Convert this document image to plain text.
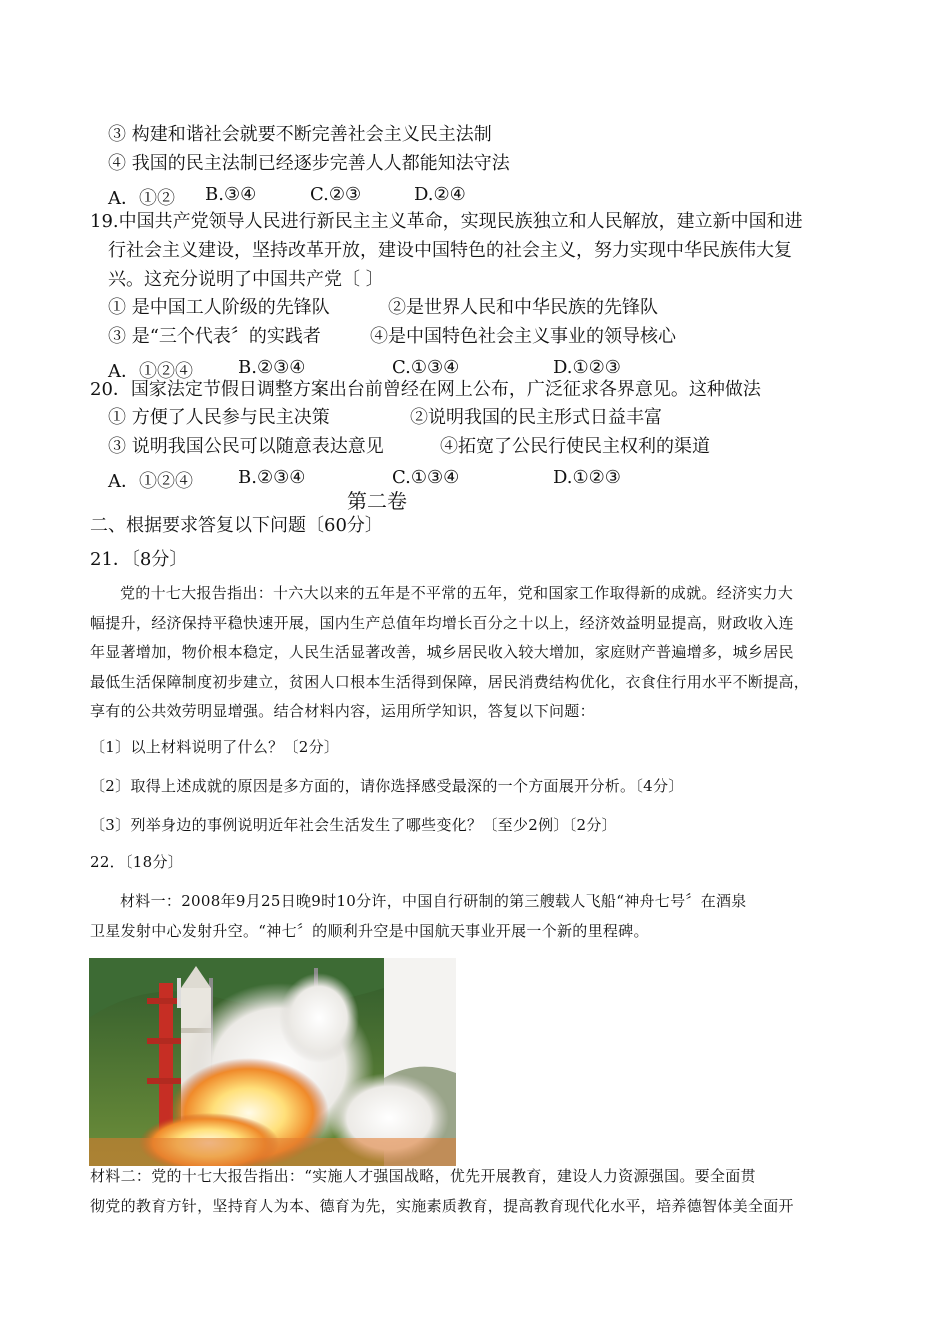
③ 构建和谐社会就要不断完善社会主义民主法制
④ 我国的民主法制已经逐步完善人人都能知法守法
A．①② B.③④	C.②③	D.②④
19.中国共产党领导人民进行新民主主义革命，实现民族独立和人民解放，建立新中国和进
行社会主义建设，坚持改革开放，建设中国特色的社会主义，努力实现中华民族伟大复
兴。这充分说明了中国共产党〔 〕
① 是中国工人阶级的先锋队	②是世界人民和中华民族的先锋队
③ 是“三个代表〞的实践者	④是中国特色社会主义事业的领导核心
A．①②④	B.②③④	C.①③④	D.①②③
20．国家法定节假日调整方案出台前曾经在网上公布，广泛征求各界意见。这种做法
① 方便了人民参与民主决策	②说明我国的民主形式日益丰富
③ 说明我国公民可以随意表达意见	④拓宽了公民行使民主权利的渠道
A．①②④	B.②③④	C.①③④	D.①②③
第二卷
二、根据要求答复以下问题〔60分〕
21．〔8分〕
党的十七大报告指出：十六大以来的五年是不平常的五年，党和国家工作取得新的成就。经济实力大
幅提升，经济保持平稳快速开展，国内生产总值年均增长百分之十以上，经济效益明显提高，财政收入连
年显著增加，物价根本稳定，人民生活显著改善，城乡居民收入较大增加，家庭财产普遍增多，城乡居民
最低生活保障制度初步建立，贫困人口根本生活得到保障，居民消费结构优化，衣食住行用水平不断提高，
享有的公共效劳明显增强。结合材料内容，运用所学知识，答复以下问题：
〔1〕以上材料说明了什么？〔2分〕
〔2〕取得上述成就的原因是多方面的，请你选择感受最深的一个方面展开分析。〔4分〕
〔3〕列举身边的事例说明近年社会生活发生了哪些变化？〔至少2例〕〔2分〕
22．〔18分〕
材料一：2008年9月25日晚9时10分许，中国自行研制的第三艘载人飞船“神舟七号〞在酒泉
卫星发射中心发射升空。“神七〞的顺利升空是中国航天事业开展一个新的里程碑。
材料二：党的十七大报告指出：“实施人才强国战略，优先开展教育，建设人力资源强国。要全面贯
彻党的教育方针，坚持育人为本、德育为先，实施素质教育，提高教育现代化水平，培养德智体美全面开
